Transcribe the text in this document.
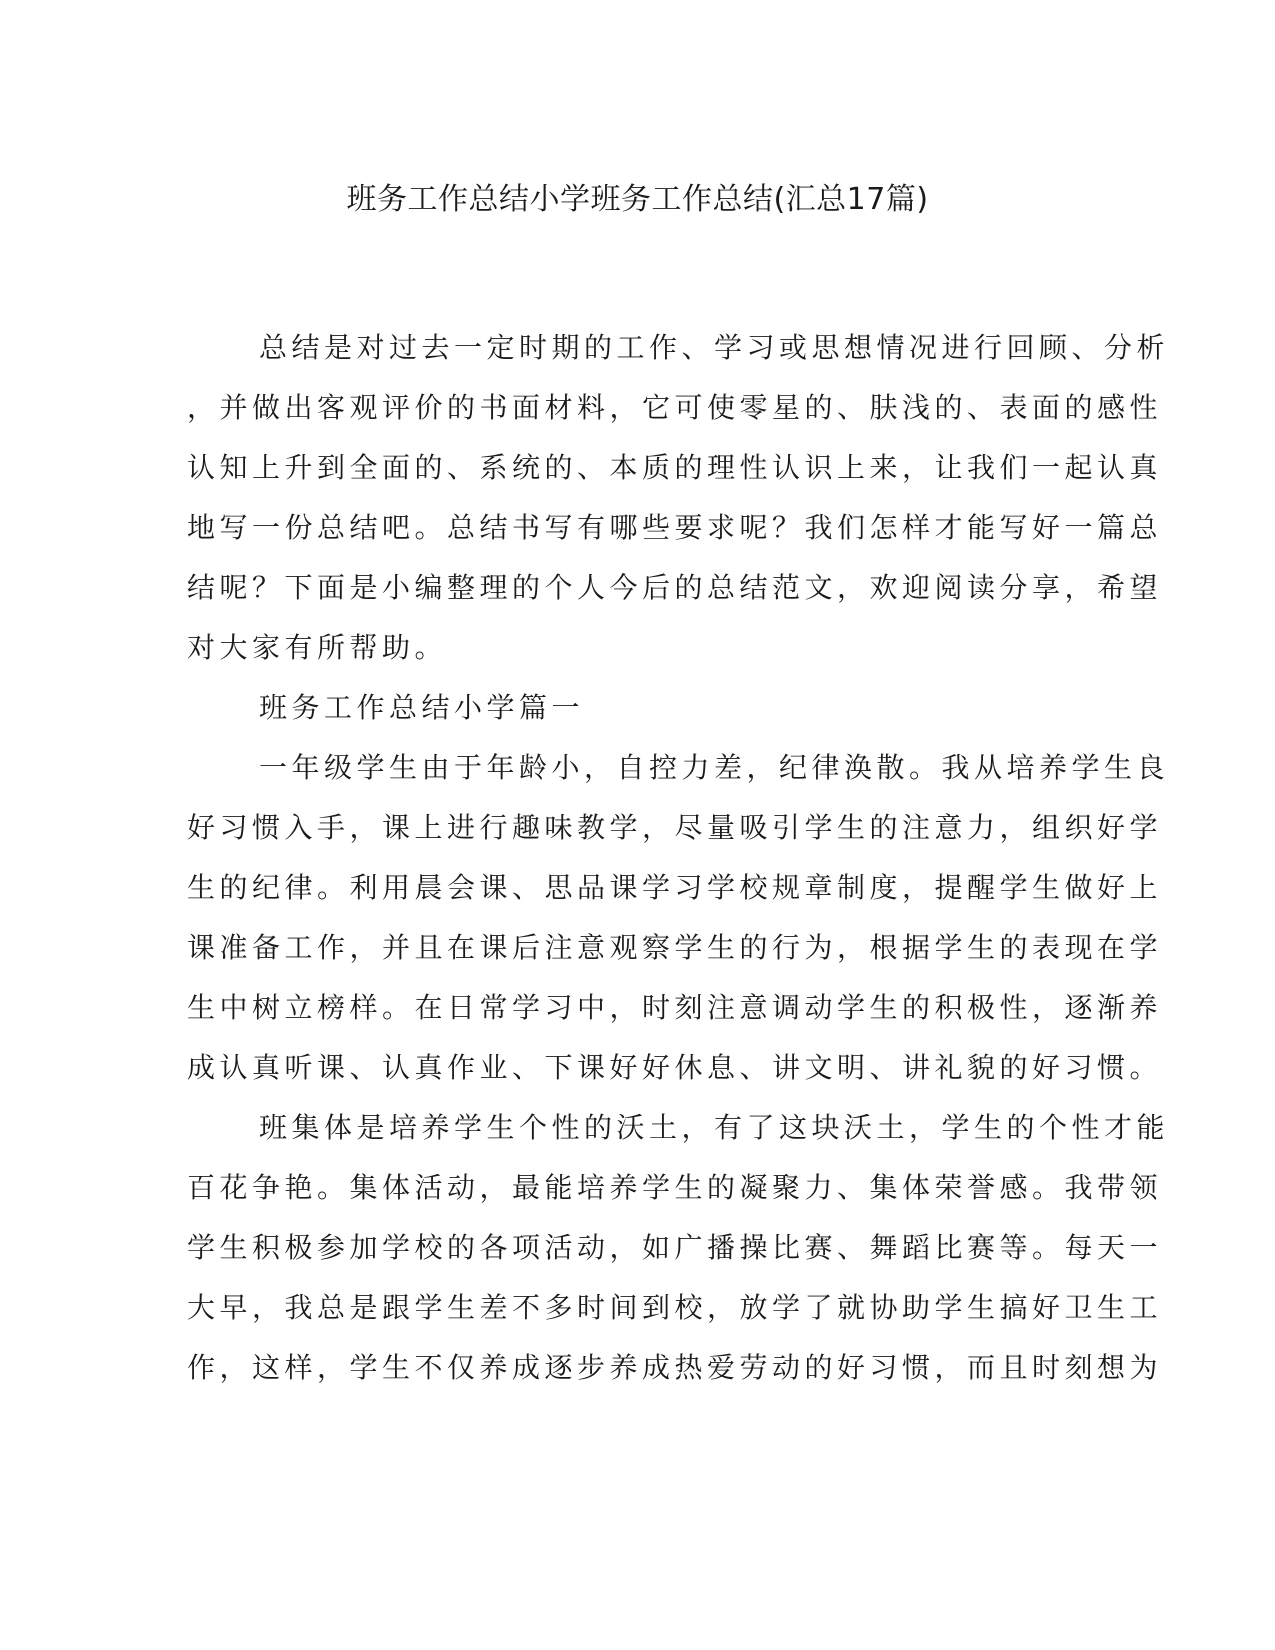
班务工作总结小学班务工作总结(汇总17篇)

总结是对过去一定时期的工作、学习或思想情况进行回顾、分析
，并做出客观评价的书面材料，它可使零星的、肤浅的、表面的感性
认知上升到全面的、系统的、本质的理性认识上来，让我们一起认真
地写一份总结吧。总结书写有哪些要求呢？我们怎样才能写好一篇总
结呢？下面是小编整理的个人今后的总结范文，欢迎阅读分享，希望
对大家有所帮助。

班务工作总结小学篇一

一年级学生由于年龄小，自控力差，纪律涣散。我从培养学生良
好习惯入手，课上进行趣味教学，尽量吸引学生的注意力，组织好学
生的纪律。利用晨会课、思品课学习学校规章制度，提醒学生做好上
课准备工作，并且在课后注意观察学生的行为，根据学生的表现在学
生中树立榜样。在日常学习中，时刻注意调动学生的积极性，逐渐养
成认真听课、认真作业、下课好好休息、讲文明、讲礼貌的好习惯。

班集体是培养学生个性的沃土，有了这块沃土，学生的个性才能
百花争艳。集体活动，最能培养学生的凝聚力、集体荣誉感。我带领
学生积极参加学校的各项活动，如广播操比赛、舞蹈比赛等。每天一
大早，我总是跟学生差不多时间到校，放学了就协助学生搞好卫生工
作，这样，学生不仅养成逐步养成热爱劳动的好习惯，而且时刻想为
